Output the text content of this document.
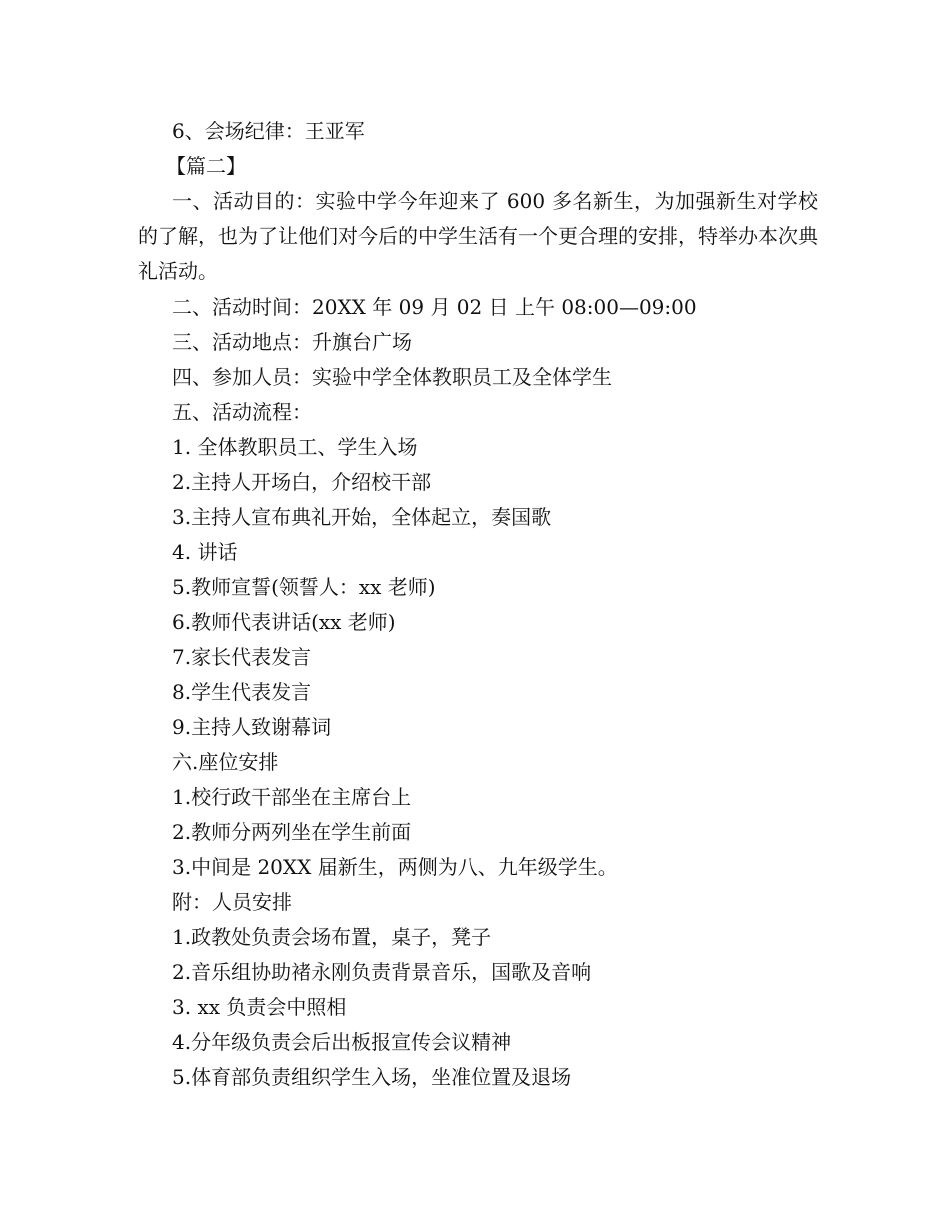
6、会场纪律：王亚军
【篇二】
一、活动目的：实验中学今年迎来了 600 多名新生，为加强新生对学校的了解，也为了让他们对今后的中学生活有一个更合理的安排，特举办本次典礼活动。
二、活动时间：20XX 年 09 月 02 日 上午 08:00—09:00
三、活动地点：升旗台广场
四、参加人员：实验中学全体教职员工及全体学生
五、活动流程：
1. 全体教职员工、学生入场
2.主持人开场白，介绍校干部
3.主持人宣布典礼开始，全体起立，奏国歌
4. 讲话
5.教师宣誓(领誓人：xx 老师)
6.教师代表讲话(xx 老师)
7.家长代表发言
8.学生代表发言
9.主持人致谢幕词
六.座位安排
1.校行政干部坐在主席台上
2.教师分两列坐在学生前面
3.中间是 20XX 届新生，两侧为八、九年级学生。
附：人员安排
1.政教处负责会场布置，桌子，凳子
2.音乐组协助褚永刚负责背景音乐，国歌及音响
3. xx 负责会中照相
4.分年级负责会后出板报宣传会议精神
5.体育部负责组织学生入场，坐准位置及退场
